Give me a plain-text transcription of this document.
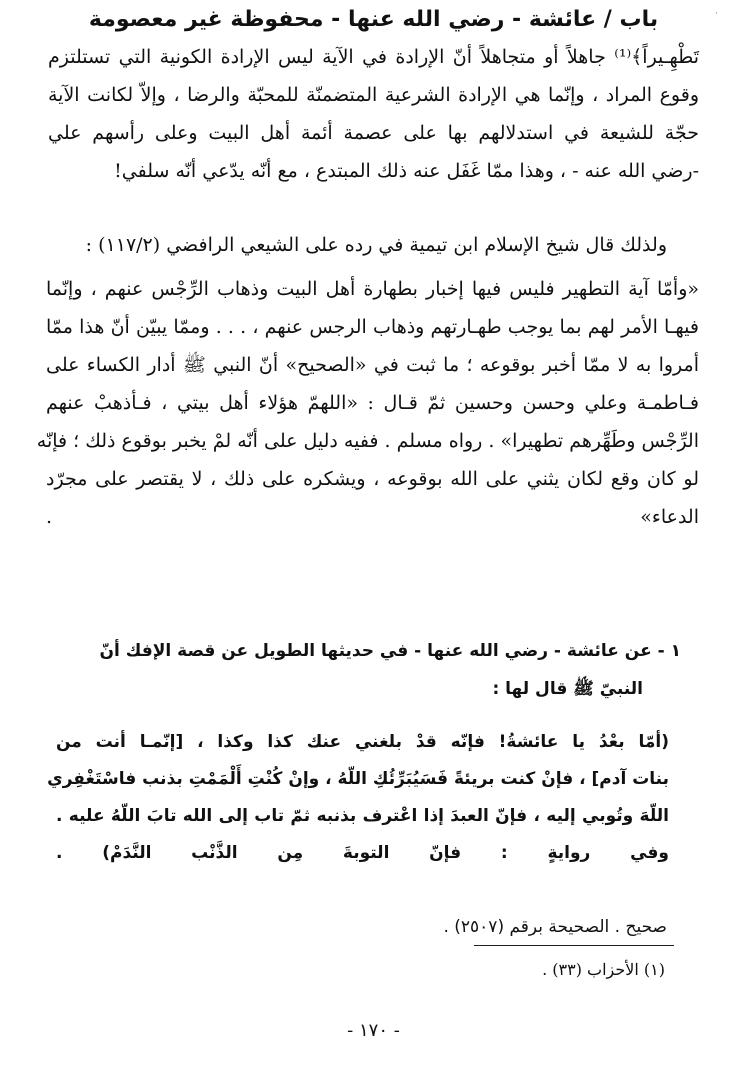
˙
تَطْهِـيراً﴾⁽¹⁾ جاهلاً أو متجاهلاً أنّ الإرادة في الآية ليس الإرادة الكونية التي تستلتزم
وقوع المراد ، وإنّما هي الإرادة الشرعية المتضمنّة للمحبّة والرضا ، وإلاّ لكانت الآية
حجّة للشيعة في استدلالهم بها على عصمة أئمة أهل البيت وعلى رأسهم علي
-رضي الله عنه - ، وهذا ممّا غَفَل عنه ذلك المبتدع ، مع أنّه يدّعي أنّه سلفي!
ولذلك قال شيخ الإسلام ابن تيمية في رده على الشيعي الرافضي (١١٧/٢) :
«وأمّا آية التطهير فليس فيها إخبار بطهارة أهل البيت وذهاب الرِّجْس عنهم ، وإنّما
فيهـا الأمر لهم بما يوجب طهـارتهم وذهاب الرجس عنهم ، . . . وممّا يبيّن أنّ هذا ممّا
أمروا به لا ممّا أخبر بوقوعه ؛ ما ثبت في «الصحيح» أنّ النبي ﷺ أدار الكساء على
فـاطمـة وعلي وحسن وحسين ثمّ قـال : «اللهمّ هؤلاء أهل بيتي ، فـأذهبْ عنهم
الرِّجْس وطَهِّرهم تطهيرا» . رواه مسلم . ففيه دليل على أنّه لمْ يخبر بوقوع ذلك ؛ فإنّه
لو كان وقع لكان يثني على الله بوقوعه ، ويشكره على ذلك ، لا يقتصر على مجرّد
الدعاء» .
باب / عائشة - رضي الله عنها - محفوظة غير معصومة
١ - عن عائشة - رضي الله عنها - في حديثها الطويل عن قصة الإفك أنّ
النبيّ ﷺ قال لها :
(أمّا بعْدُ يا عائشةُ! فإنّه قدْ بلغني عنك كذا وكذا ، [إنّمـا أنت من
بنات آدم] ، فإنْ كنت بريئةً فَسَيُبَرِّئُكِ اللّهُ ، وإنْ كُنْتِ أَلْمَمْتِ بذنب فاسْتَغْفِري
اللّهَ وتُوبي إليه ، فإنّ العبدَ إذا اعْترف بذنبه ثمّ تاب إلى الله تابَ اللّهُ عليه .
وفي روايةٍ : فإنّ التوبةَ مِن الذَّنْب النَّدَمْ) .
صحيح . الصحيحة برقم (٢٥٠٧) .
(١) الأحزاب (٣٣) .
- ١٧٠ -
